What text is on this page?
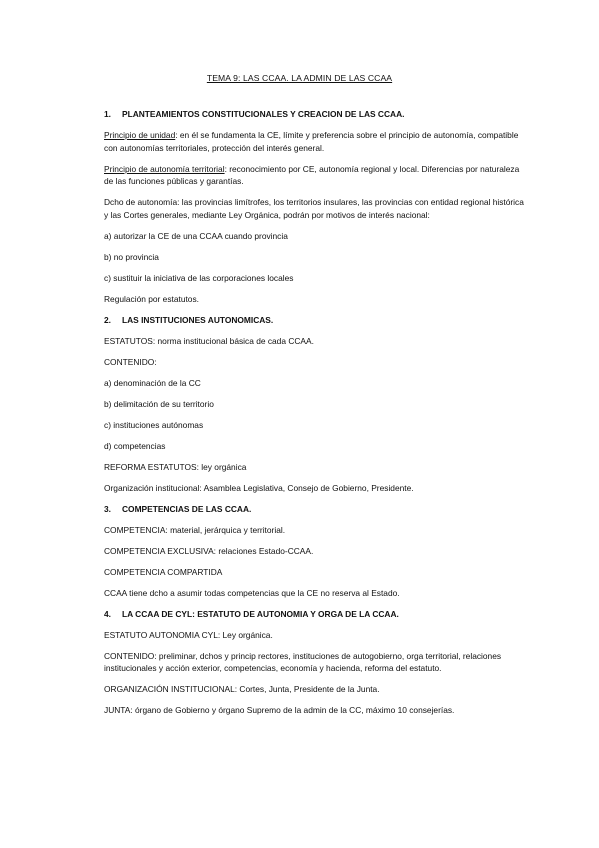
TEMA 9: LAS CCAA. LA ADMIN DE LAS CCAA
1. PLANTEAMIENTOS CONSTITUCIONALES Y CREACION DE LAS CCAA.

Principio de unidad: en él se fundamenta la CE, límite y preferencia sobre el principio de autonomía, compatible con autonomías territoriales, protección del interés general.

Principio de autonomía territorial: reconocimiento por CE, autonomía regional y local. Diferencias por naturaleza de las funciones públicas y garantías.

Dcho de autonomía: las provincias limítrofes, los territorios insulares, las provincias con entidad regional histórica y las Cortes generales, mediante Ley Orgánica, podrán por motivos de interés nacional:

a) autorizar la CE de una CCAA cuando provincia

b) no provincia

c) sustituir la iniciativa de las corporaciones locales

Regulación por estatutos.

2. LAS INSTITUCIONES AUTONOMICAS.

ESTATUTOS: norma institucional básica de cada CCAA.

CONTENIDO:

a) denominación de la CC

b) delimitación de su territorio

c) instituciones autónomas

d) competencias

REFORMA ESTATUTOS: ley orgánica

Organización institucional: Asamblea Legislativa, Consejo de Gobierno, Presidente.

3. COMPETENCIAS DE LAS CCAA.

COMPETENCIA: material, jerárquica y territorial.

COMPETENCIA EXCLUSIVA: relaciones Estado-CCAA.

COMPETENCIA COMPARTIDA

CCAA tiene dcho a asumir todas competencias que la CE no reserva al Estado.

4. LA CCAA DE CYL: ESTATUTO DE AUTONOMIA Y ORGA DE LA CCAA.

ESTATUTO AUTONOMIA CYL: Ley orgánica.

CONTENIDO: preliminar, dchos y princip rectores, instituciones de autogobierno, orga territorial, relaciones institucionales y acción exterior, competencias, economía y hacienda, reforma del estatuto.

ORGANIZACIÓN INSTITUCIONAL: Cortes, Junta, Presidente de la Junta.

JUNTA: órgano de Gobierno y órgano Supremo de la admin de la CC, máximo 10 consejerías.
